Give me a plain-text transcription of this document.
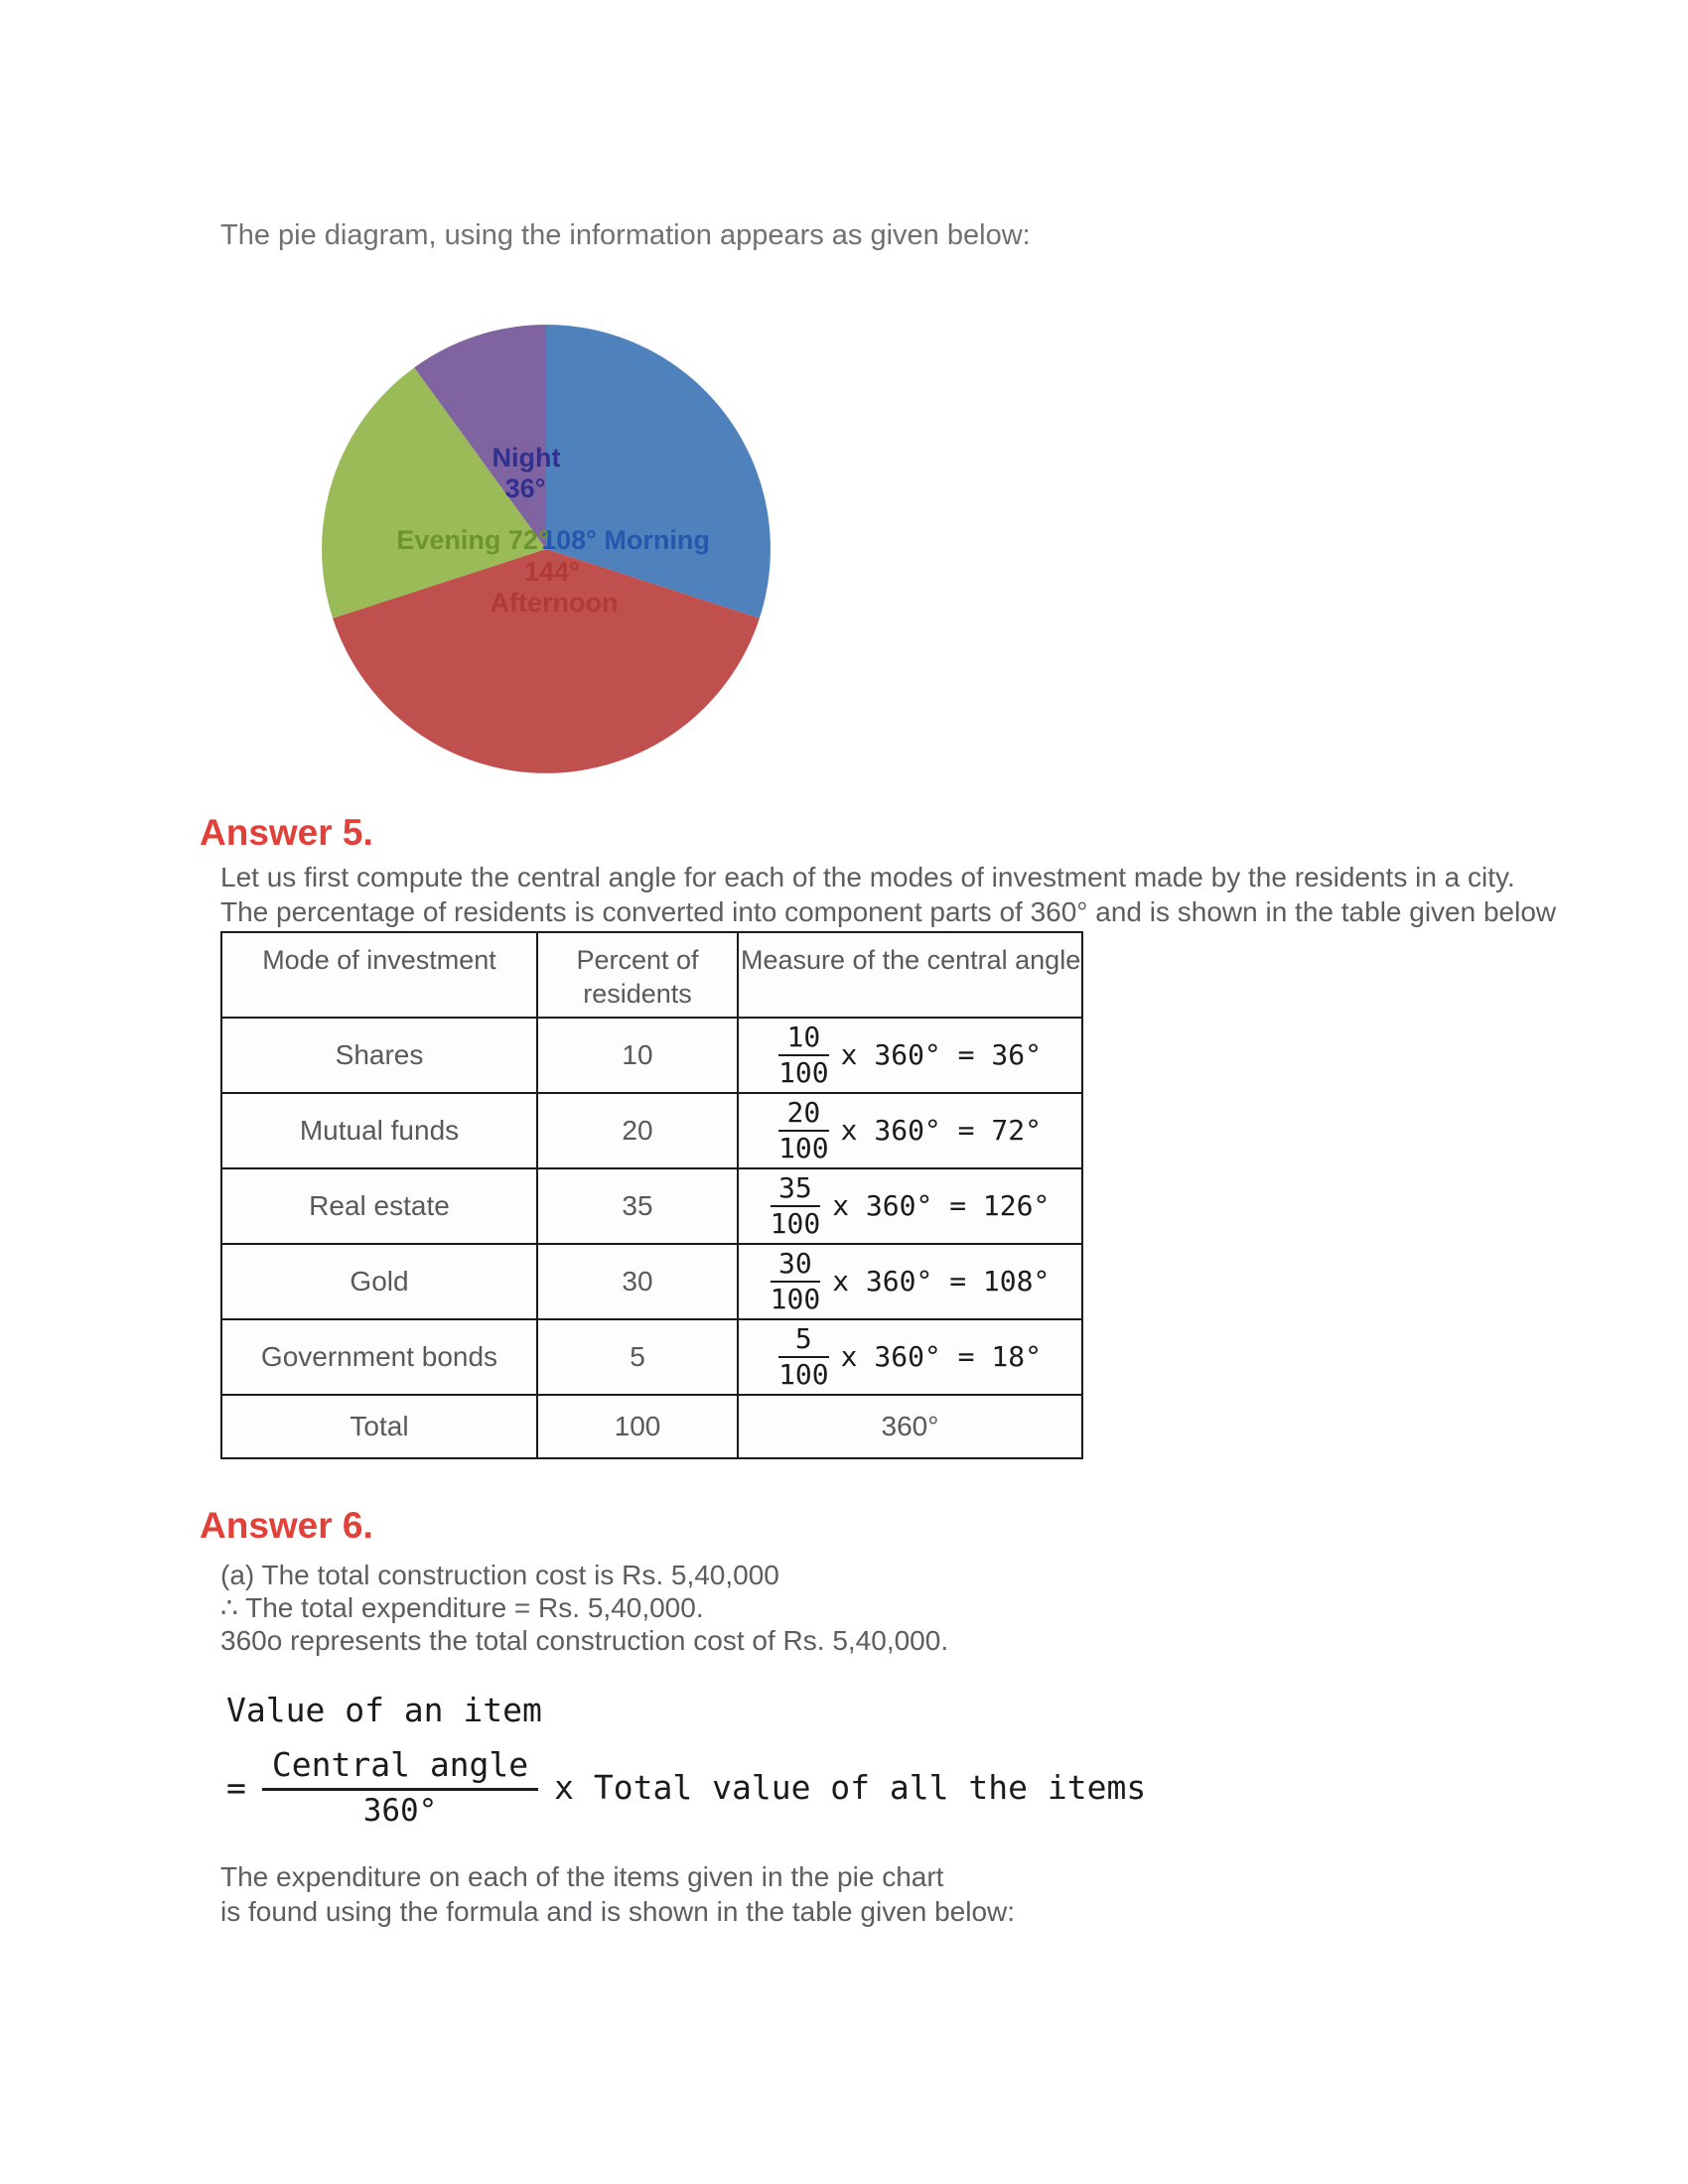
The pie diagram, using the information appears as given below:
108° Morning
144°
Afternoon
Evening 72°
Night
36°
Answer 5.

Let us first compute the central angle for each of the modes of investment made by the residents in a city.

The percentage of residents is converted into component parts of 360° and is shown in the table given below

Mode of investment	Percent of residents	Measure of the central angle
Shares	10	$\frac{10}{100}$ x 360° = 36°

Mutual funds	20	$\frac{20}{100}$ x 360° = 72°

Real estate	35	$\frac{35}{100}$ x 360° = 126°

Gold	30	$\frac{30}{100}$ x 360° = 108°

Government bonds	5	$\frac{5}{100}$ x 360° = 18°

Total	100	360°
Answer 6.

(a) The total construction cost is Rs. 5,40,000

∴ The total expenditure = Rs. 5,40,000.

360o represents the total construction cost of Rs. 5,40,000.

Value of an item
= $\frac{\text{Central angle}}{360^\circ}$ x Total value of all the items

The expenditure on each of the items given in the pie chart

is found using the formula and is shown in the table given below:
